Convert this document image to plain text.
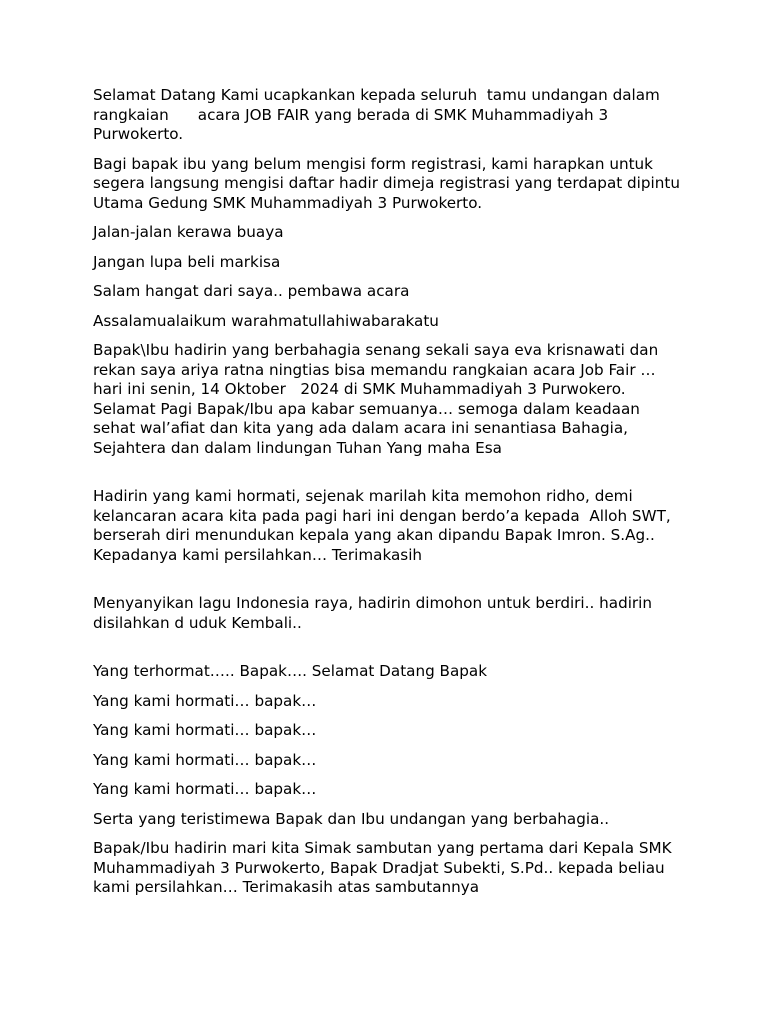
Selamat Datang Kami ucapkankan kepada seluruh  tamu undangan dalam rangkaian      acara JOB FAIR yang berada di SMK Muhammadiyah 3 Purwokerto.

Bagi bapak ibu yang belum mengisi form registrasi, kami harapkan untuk segera langsung mengisi daftar hadir dimeja registrasi yang terdapat dipintu Utama Gedung SMK Muhammadiyah 3 Purwokerto.

Jalan-jalan kerawa buaya

Jangan lupa beli markisa

Salam hangat dari saya.. pembawa acara

Assalamualaikum warahmatullahiwabarakatu

Bapak\Ibu hadirin yang berbahagia senang sekali saya eva krisnawati dan rekan saya ariya ratna ningtias bisa memandu rangkaian acara Job Fair … hari ini senin, 14 Oktober   2024 di SMK Muhammadiyah 3 Purwokero. Selamat Pagi Bapak/Ibu apa kabar semuanya… semoga dalam keadaan sehat wal’afiat dan kita yang ada dalam acara ini senantiasa Bahagia, Sejahtera dan dalam lindungan Tuhan Yang maha Esa

Hadirin yang kami hormati, sejenak marilah kita memohon ridho, demi kelancaran acara kita pada pagi hari ini dengan berdo’a kepada  Alloh SWT, berserah diri menundukan kepala yang akan dipandu Bapak Imron. S.Ag.. Kepadanya kami persilahkan… Terimakasih

Menyanyikan lagu Indonesia raya, hadirin dimohon untuk berdiri.. hadirin disilahkan d uduk Kembali..

Yang terhormat….. Bapak…. Selamat Datang Bapak

Yang kami hormati… bapak…

Yang kami hormati… bapak…

Yang kami hormati… bapak…

Yang kami hormati… bapak…

Serta yang teristimewa Bapak dan Ibu undangan yang berbahagia..

Bapak/Ibu hadirin mari kita Simak sambutan yang pertama dari Kepala SMK Muhammadiyah 3 Purwokerto, Bapak Dradjat Subekti, S.Pd.. kepada beliau kami persilahkan… Terimakasih atas sambutannya
